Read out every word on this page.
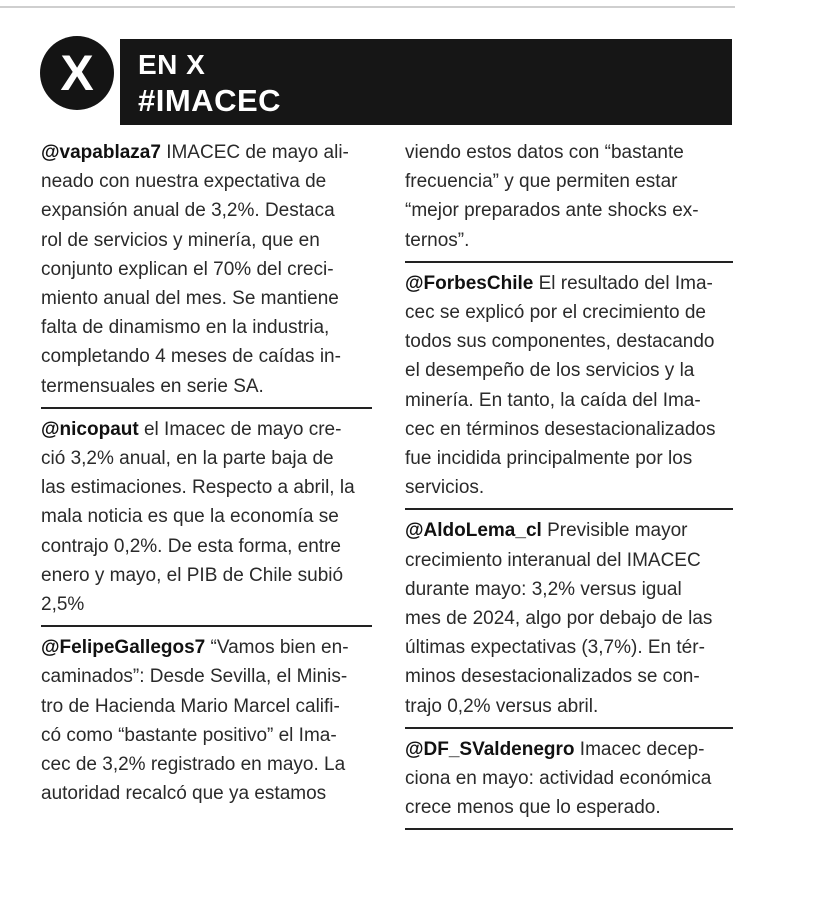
X	EN X
#IMACEC

@vapablaza7 IMACEC de mayo ali-
neado con nuestra expectativa de
expansión anual de 3,2%. Destaca
rol de servicios y minería, que en
conjunto explican el 70% del creci-
miento anual del mes. Se mantiene
falta de dinamismo en la industria,
completando 4 meses de caídas in-
termensuales en serie SA.

@nicopaut el Imacec de mayo cre-
ció 3,2% anual, en la parte baja de
las estimaciones. Respecto a abril, la
mala noticia es que la economía se
contrajo 0,2%. De esta forma, entre
enero y mayo, el PIB de Chile subió
2,5%

@FelipeGallegos7 “Vamos bien en-
caminados”: Desde Sevilla, el Minis-
tro de Hacienda Mario Marcel califi-
có como “bastante positivo” el Ima-
cec de 3,2% registrado en mayo. La
autoridad recalcó que ya estamos

viendo estos datos con “bastante
frecuencia” y que permiten estar
“mejor preparados ante shocks ex-
ternos”.

@ForbesChile El resultado del Ima-
cec se explicó por el crecimiento de
todos sus componentes, destacando
el desempeño de los servicios y la
minería. En tanto, la caída del Ima-
cec en términos desestacionalizados
fue incidida principalmente por los
servicios.

@AldoLema_cl Previsible mayor
crecimiento interanual del IMACEC
durante mayo: 3,2% versus igual
mes de 2024, algo por debajo de las
últimas expectativas (3,7%). En tér-
minos desestacionalizados se con-
trajo 0,2% versus abril.

@DF_SValdenegro Imacec decep-
ciona en mayo: actividad económica
crece menos que lo esperado.
